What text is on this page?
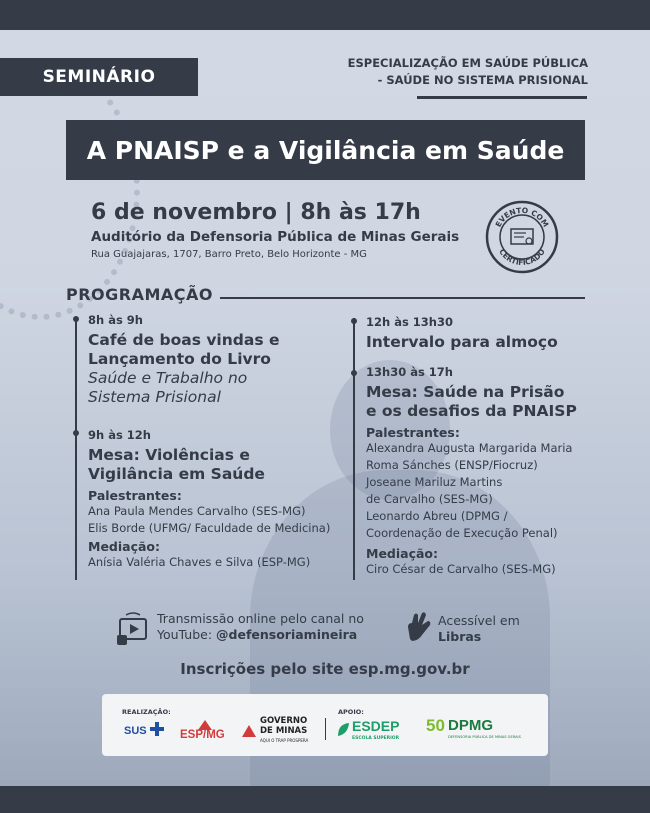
SEMINÁRIO
ESPECIALIZAÇÃO EM SAÚDE PÚBLICA
- SAÚDE NO SISTEMA PRISIONAL
A PNAISP e a Vigilância em Saúde
6 de novembro | 8h às 17h
Auditório da Defensoria Pública de Minas Gerais
Rua Guajajaras, 1707, Barro Preto, Belo Horizonte - MG
EVENTO COM
CERTIFICADO
PROGRAMAÇÃO
8h às 9h
Café de boas vindas e
Lançamento do Livro
Saúde e Trabalho no
Sistema Prisional
9h às 12h
Mesa: Violências e
Vigilância em Saúde
Palestrantes:
Ana Paula Mendes Carvalho (SES-MG)
Elis Borde (UFMG/ Faculdade de Medicina)
Mediação:
Anísia Valéria Chaves e Silva (ESP-MG)
12h às 13h30
Intervalo para almoço
13h30 às 17h
Mesa: Saúde na Prisão
e os desafios da PNAISP
Palestrantes:
Alexandra Augusta Margarida Maria
Roma Sánches (ENSP/Fiocruz)
Joseane Mariluz Martins
de Carvalho (SES-MG)
Leonardo Abreu (DPMG /
Coordenação de Execução Penal)
Mediação:
Ciro César de Carvalho (SES-MG)
Transmissão online pelo canal no
YouTube: @defensoriamineira
Acessível em
Libras
Inscrições pelo site esp.mg.gov.br
REALIZAÇÃO:
SUS	ESP/MG
GOVERNO
DE MINAS
AQUI O TRAP PROSPERA
APOIO:
ESDEP
ESCOLA SUPERIOR
50 DPMG
DEFENSORIA PÚBLICA DE MINAS GERAIS
